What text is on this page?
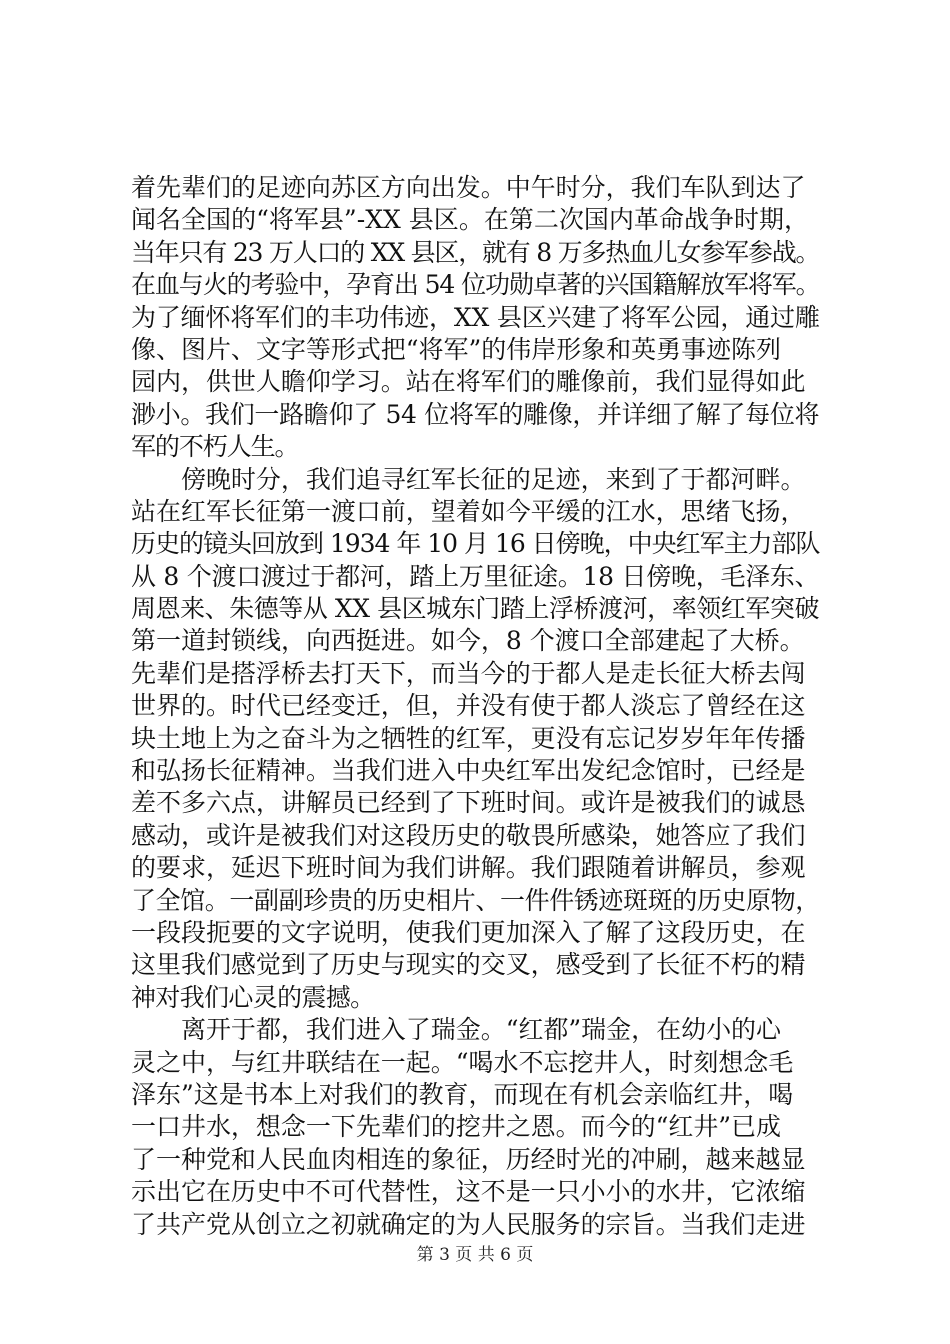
着先辈们的足迹向苏区方向出发。中午时分，我们车队到达了
闻名全国的“将军县”-XX 县区。在第二次国内革命战争时期，
当年只有 23 万人口的 XX 县区，就有 8 万多热血儿女参军参战。
在血与火的考验中，孕育出 54 位功勋卓著的兴国籍解放军将军。
为了缅怀将军们的丰功伟迹，XX 县区兴建了将军公园，通过雕
像、图片、文字等形式把“将军”的伟岸形象和英勇事迹陈列
园内，供世人瞻仰学习。站在将军们的雕像前，我们显得如此
渺小。我们一路瞻仰了 54 位将军的雕像，并详细了解了每位将
军的不朽人生。
　　傍晚时分，我们追寻红军长征的足迹，来到了于都河畔。
站在红军长征第一渡口前，望着如今平缓的江水，思绪飞扬，
历史的镜头回放到 1934 年 10 月 16 日傍晚，中央红军主力部队
从 8 个渡口渡过于都河，踏上万里征途。18 日傍晚，毛泽东、
周恩来、朱德等从 XX 县区城东门踏上浮桥渡河，率领红军突破
第一道封锁线，向西挺进。如今，8 个渡口全部建起了大桥。
先辈们是搭浮桥去打天下，而当今的于都人是走长征大桥去闯
世界的。时代已经变迁，但，并没有使于都人淡忘了曾经在这
块土地上为之奋斗为之牺牲的红军，更没有忘记岁岁年年传播
和弘扬长征精神。当我们进入中央红军出发纪念馆时，已经是
差不多六点，讲解员已经到了下班时间。或许是被我们的诚恳
感动，或许是被我们对这段历史的敬畏所感染，她答应了我们
的要求，延迟下班时间为我们讲解。我们跟随着讲解员，参观
了全馆。一副副珍贵的历史相片、一件件锈迹斑斑的历史原物，
一段段扼要的文字说明，使我们更加深入了解了这段历史，在
这里我们感觉到了历史与现实的交叉，感受到了长征不朽的精
神对我们心灵的震撼。
　　离开于都，我们进入了瑞金。“红都”瑞金，在幼小的心
灵之中，与红井联结在一起。“喝水不忘挖井人，时刻想念毛
泽东”这是书本上对我们的教育，而现在有机会亲临红井，喝
一口井水，想念一下先辈们的挖井之恩。而今的“红井”已成
了一种党和人民血肉相连的象征，历经时光的冲刷，越来越显
示出它在历史中不可代替性，这不是一只小小的水井，它浓缩
了共产党从创立之初就确定的为人民服务的宗旨。当我们走进
第 3 页 共 6 页
